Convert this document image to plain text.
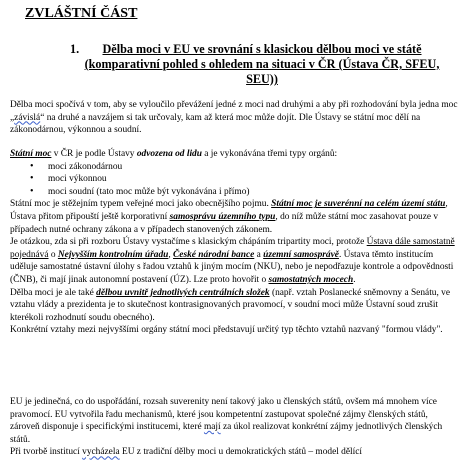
ZVLÁŠTNÍ ČÁST
1. Dělba moci v EU ve srovnání s klasickou dělbou moci ve státě (komparativní pohled s ohledem na situaci v ČR (Ústava ČR, SFEU, SEU))

Dělba moci spočívá v tom, aby se vyloučilo převážení jedné z moci nad druhými a aby při rozhodování byla jedna moc „závislá“ na druhé a navzájem si tak určovaly, kam až která moc může dojít. Dle Ústavy se státní moc dělí na zákonodárnou, výkonnou a soudní.

Státní moc v ČR je podle Ústavy odvozena od lidu a je vykonávána třemi typy orgánů:

• moci zákonodárnou
• moci výkonnou
• moci soudní (tato moc může být vykonávána i přímo)

Státní moc je stěžejním typem veřejné moci jako obecnějšího pojmu. Státní moc je suverénní na celém území státu, Ústava přitom připouští ještě korporativní samosprávu územního typu, do níž může státní moc zasahovat pouze v případech nutné ochrany zákona a v případech stanovených zákonem.

Je otázkou, zda si při rozboru Ústavy vystačíme s klasickým chápáním tripartity moci, protože Ústava dále samostatně pojednává o Nejvyšším kontrolním úřadu, České národní bance a územní samosprávě. Ústava těmto institucím uděluje samostatné ústavní úlohy s řadou vztahů k jiným mocím (NKU), nebo je nepodřazuje kontrole a odpovědnosti (ČNB), či mají jinak autonomní postavení (ÚZ). Lze proto hovořit o samostatných mocech.

Dělba moci je ale také dělbou uvnitř jednotlivých centrálních složek (např. vztah Poslanecké sněmovny a Senátu, ve vztahu vlády a prezidenta je to skutečnost kontrasignovaných pravomocí, v soudní moci může Ústavní soud zrušit kterékoli rozhodnutí soudu obecného).

Konkrétní vztahy mezi nejvyššími orgány státní moci představují určitý typ těchto vztahů nazvaný "formou vlády".

EU je jedinečná, co do uspořádání, rozsah suverenity není takový jako u členských států, ovšem má mnohem více pravomocí. EU vytvořila řadu mechanismů, které jsou kompetentní zastupovat společné zájmy členských států, zároveň disponuje i specifickými institucemi, které mají za úkol realizovat konkrétní zájmy jednotlivých členských států.

Při tvorbě institucí vycházela EU z tradiční dělby moci u demokratických států – model dělící
